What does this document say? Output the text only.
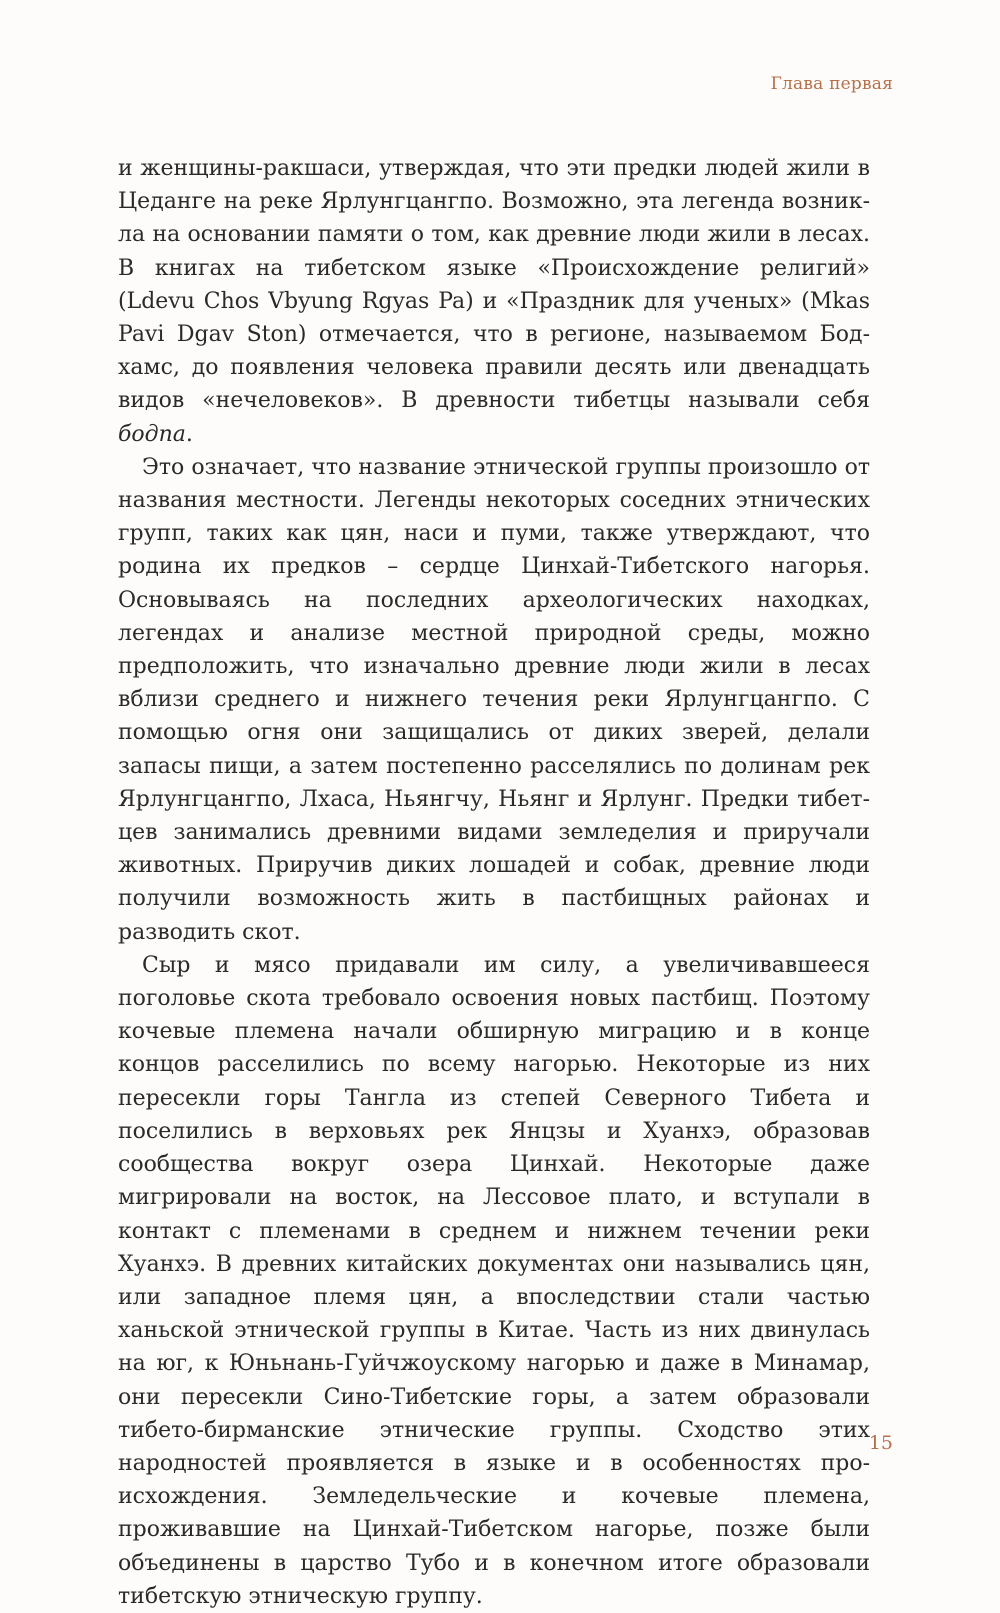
Глава первая

и женщины-ракшаси, утверждая, что эти предки людей жили в Цеданге на реке Ярлунгцангпо. Возможно, эта легенда возникла на основании памяти о том, как древние люди жили в лесах. В книгах на тибетском языке «Происхождение религий» (Ldevu Chos Vbyung Rgyas Pa) и «Праздник для ученых» (Mkas Pavi Dgav Ston) отмечается, что в регионе, называемом Бод-хамс, до появления человека правили десять или двенадцать видов «нечеловеков». В древности тибетцы называли себя бодпа.

Это означает, что название этнической группы произошло от названия местности. Легенды некоторых соседних этнических групп, таких как цян, наси и пуми, также утверждают, что родина их предков – сердце Цинхай-Тибетского нагорья. Основываясь на последних археологических находках, легендах и анализе местной природной среды, можно предположить, что изначально древние люди жили в лесах вблизи среднего и нижнего течения реки Ярлунгцангпо. С помощью огня они защищались от диких зверей, делали запасы пищи, а затем постепенно расселялись по долинам рек Ярлунгцангпо, Лхаса, Ньянгчу, Ньянг и Ярлунг. Предки тибетцев занимались древними видами земледелия и приручали животных. Приручив диких лошадей и собак, древние люди получили возможность жить в пастбищных районах и разводить скот.

Сыр и мясо придавали им силу, а увеличивавшееся поголовье скота требовало освоения новых пастбищ. Поэтому кочевые племена начали обширную миграцию и в конце концов расселились по всему нагорью. Некоторые из них пересекли горы Тангла из степей Северного Тибета и поселились в верховьях рек Янцзы и Хуанхэ, образовав сообщества вокруг озера Цинхай. Некоторые даже мигрировали на восток, на Лессовое плато, и вступали в контакт с племенами в среднем и нижнем течении реки Хуанхэ. В древних китайских документах они назывались цян, или западное племя цян, а впоследствии стали частью ханьской этнической группы в Китае. Часть из них двинулась на юг, к Юньнань-Гуйчжоускому нагорью и даже в Минамар, они пересекли Сино-Тибетские горы, а затем образовали тибето-бирманские этнические группы. Сходство этих народностей проявляется в языке и в особенностях происхождения. Земледельческие и кочевые племена, проживавшие на Цинхай-Тибетском нагорье, позже были объединены в царство Тубо и в конечном итоге образовали тибетскую этническую группу.

15
